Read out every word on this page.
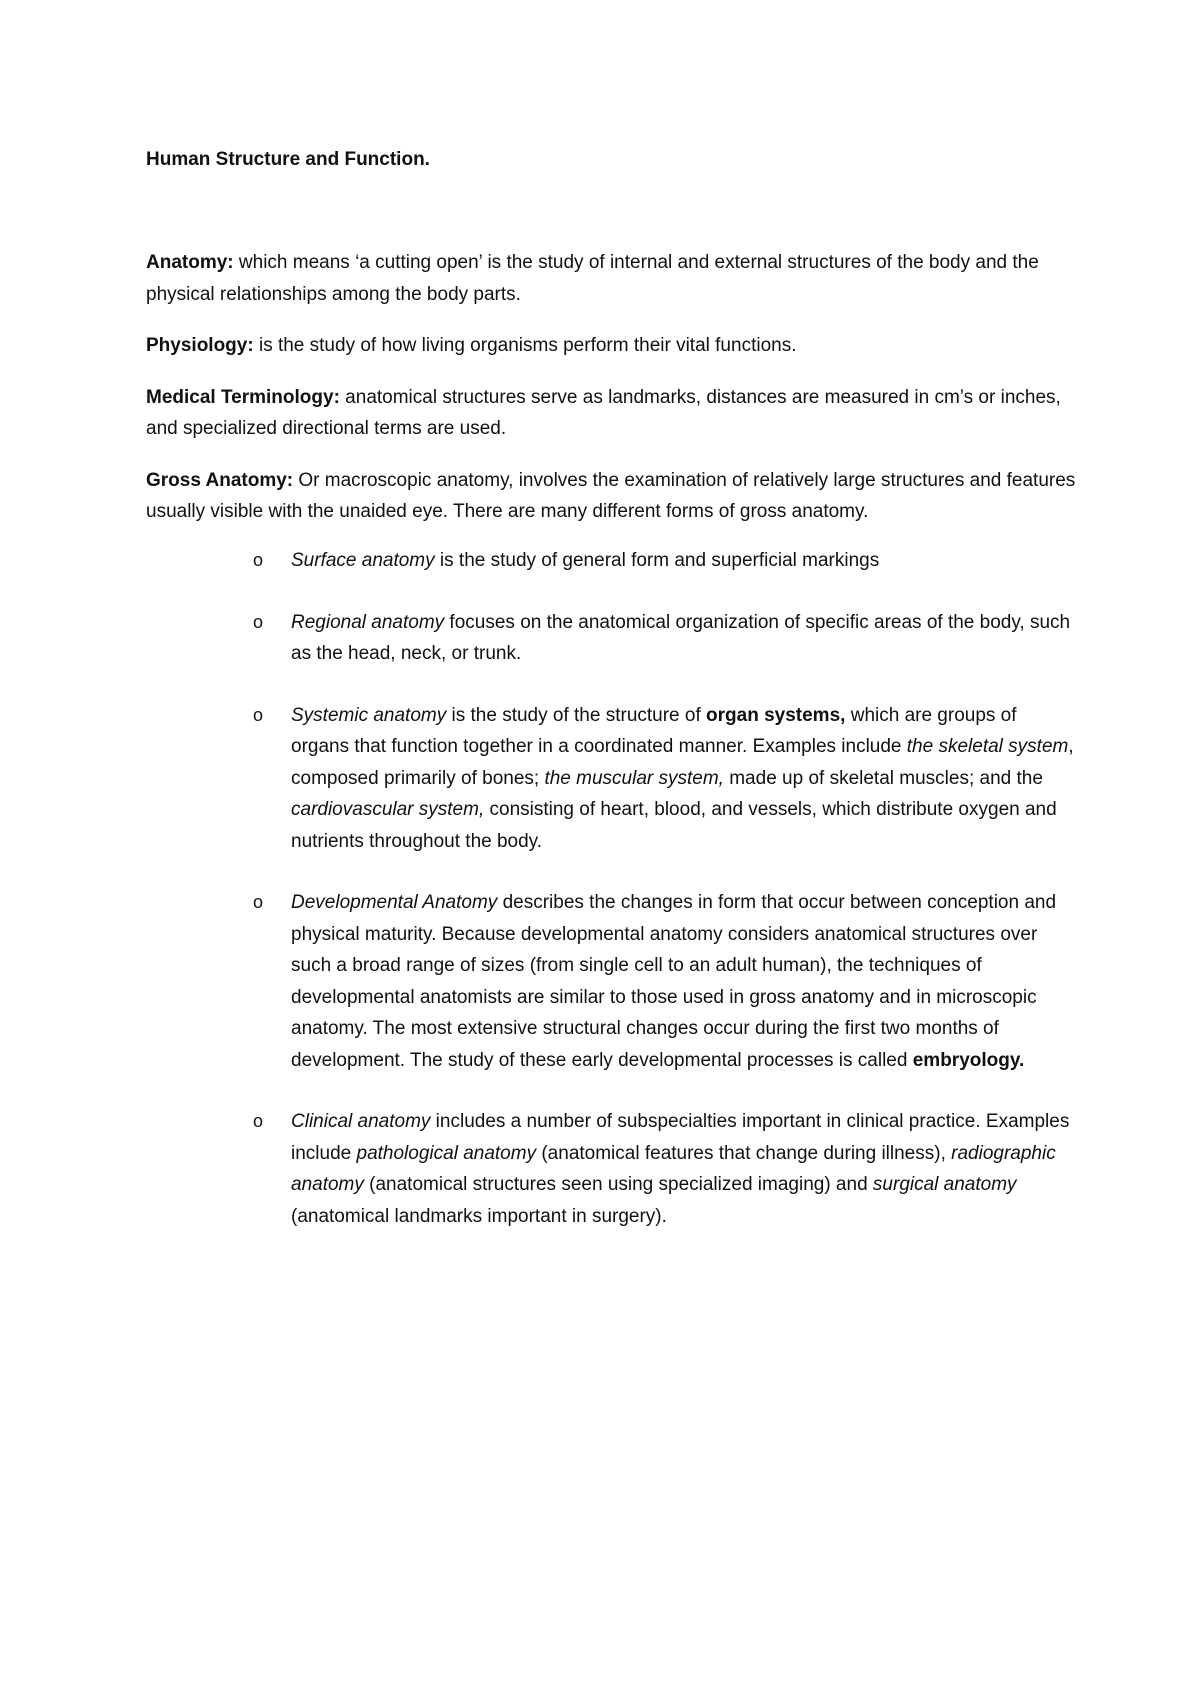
Human Structure and Function.

Anatomy: which means ‘a cutting open’ is the study of internal and external structures of the body and the physical relationships among the body parts.

Physiology: is the study of how living organisms perform their vital functions.

Medical Terminology: anatomical structures serve as landmarks, distances are measured in cm’s or inches, and specialized directional terms are used.

Gross Anatomy: Or macroscopic anatomy, involves the examination of relatively large structures and features usually visible with the unaided eye. There are many different forms of gross anatomy.

o Surface anatomy is the study of general form and superficial markings
o Regional anatomy focuses on the anatomical organization of specific areas of the body, such as the head, neck, or trunk.
o Systemic anatomy is the study of the structure of organ systems, which are groups of organs that function together in a coordinated manner. Examples include the skeletal system, composed primarily of bones; the muscular system, made up of skeletal muscles; and the cardiovascular system, consisting of heart, blood, and vessels, which distribute oxygen and nutrients throughout the body.
o Developmental Anatomy describes the changes in form that occur between conception and physical maturity. Because developmental anatomy considers anatomical structures over such a broad range of sizes (from single cell to an adult human), the techniques of developmental anatomists are similar to those used in gross anatomy and in microscopic anatomy. The most extensive structural changes occur during the first two months of development. The study of these early developmental processes is called embryology.
o Clinical anatomy includes a number of subspecialties important in clinical practice. Examples include pathological anatomy (anatomical features that change during illness), radiographic anatomy (anatomical structures seen using specialized imaging) and surgical anatomy (anatomical landmarks important in surgery).
